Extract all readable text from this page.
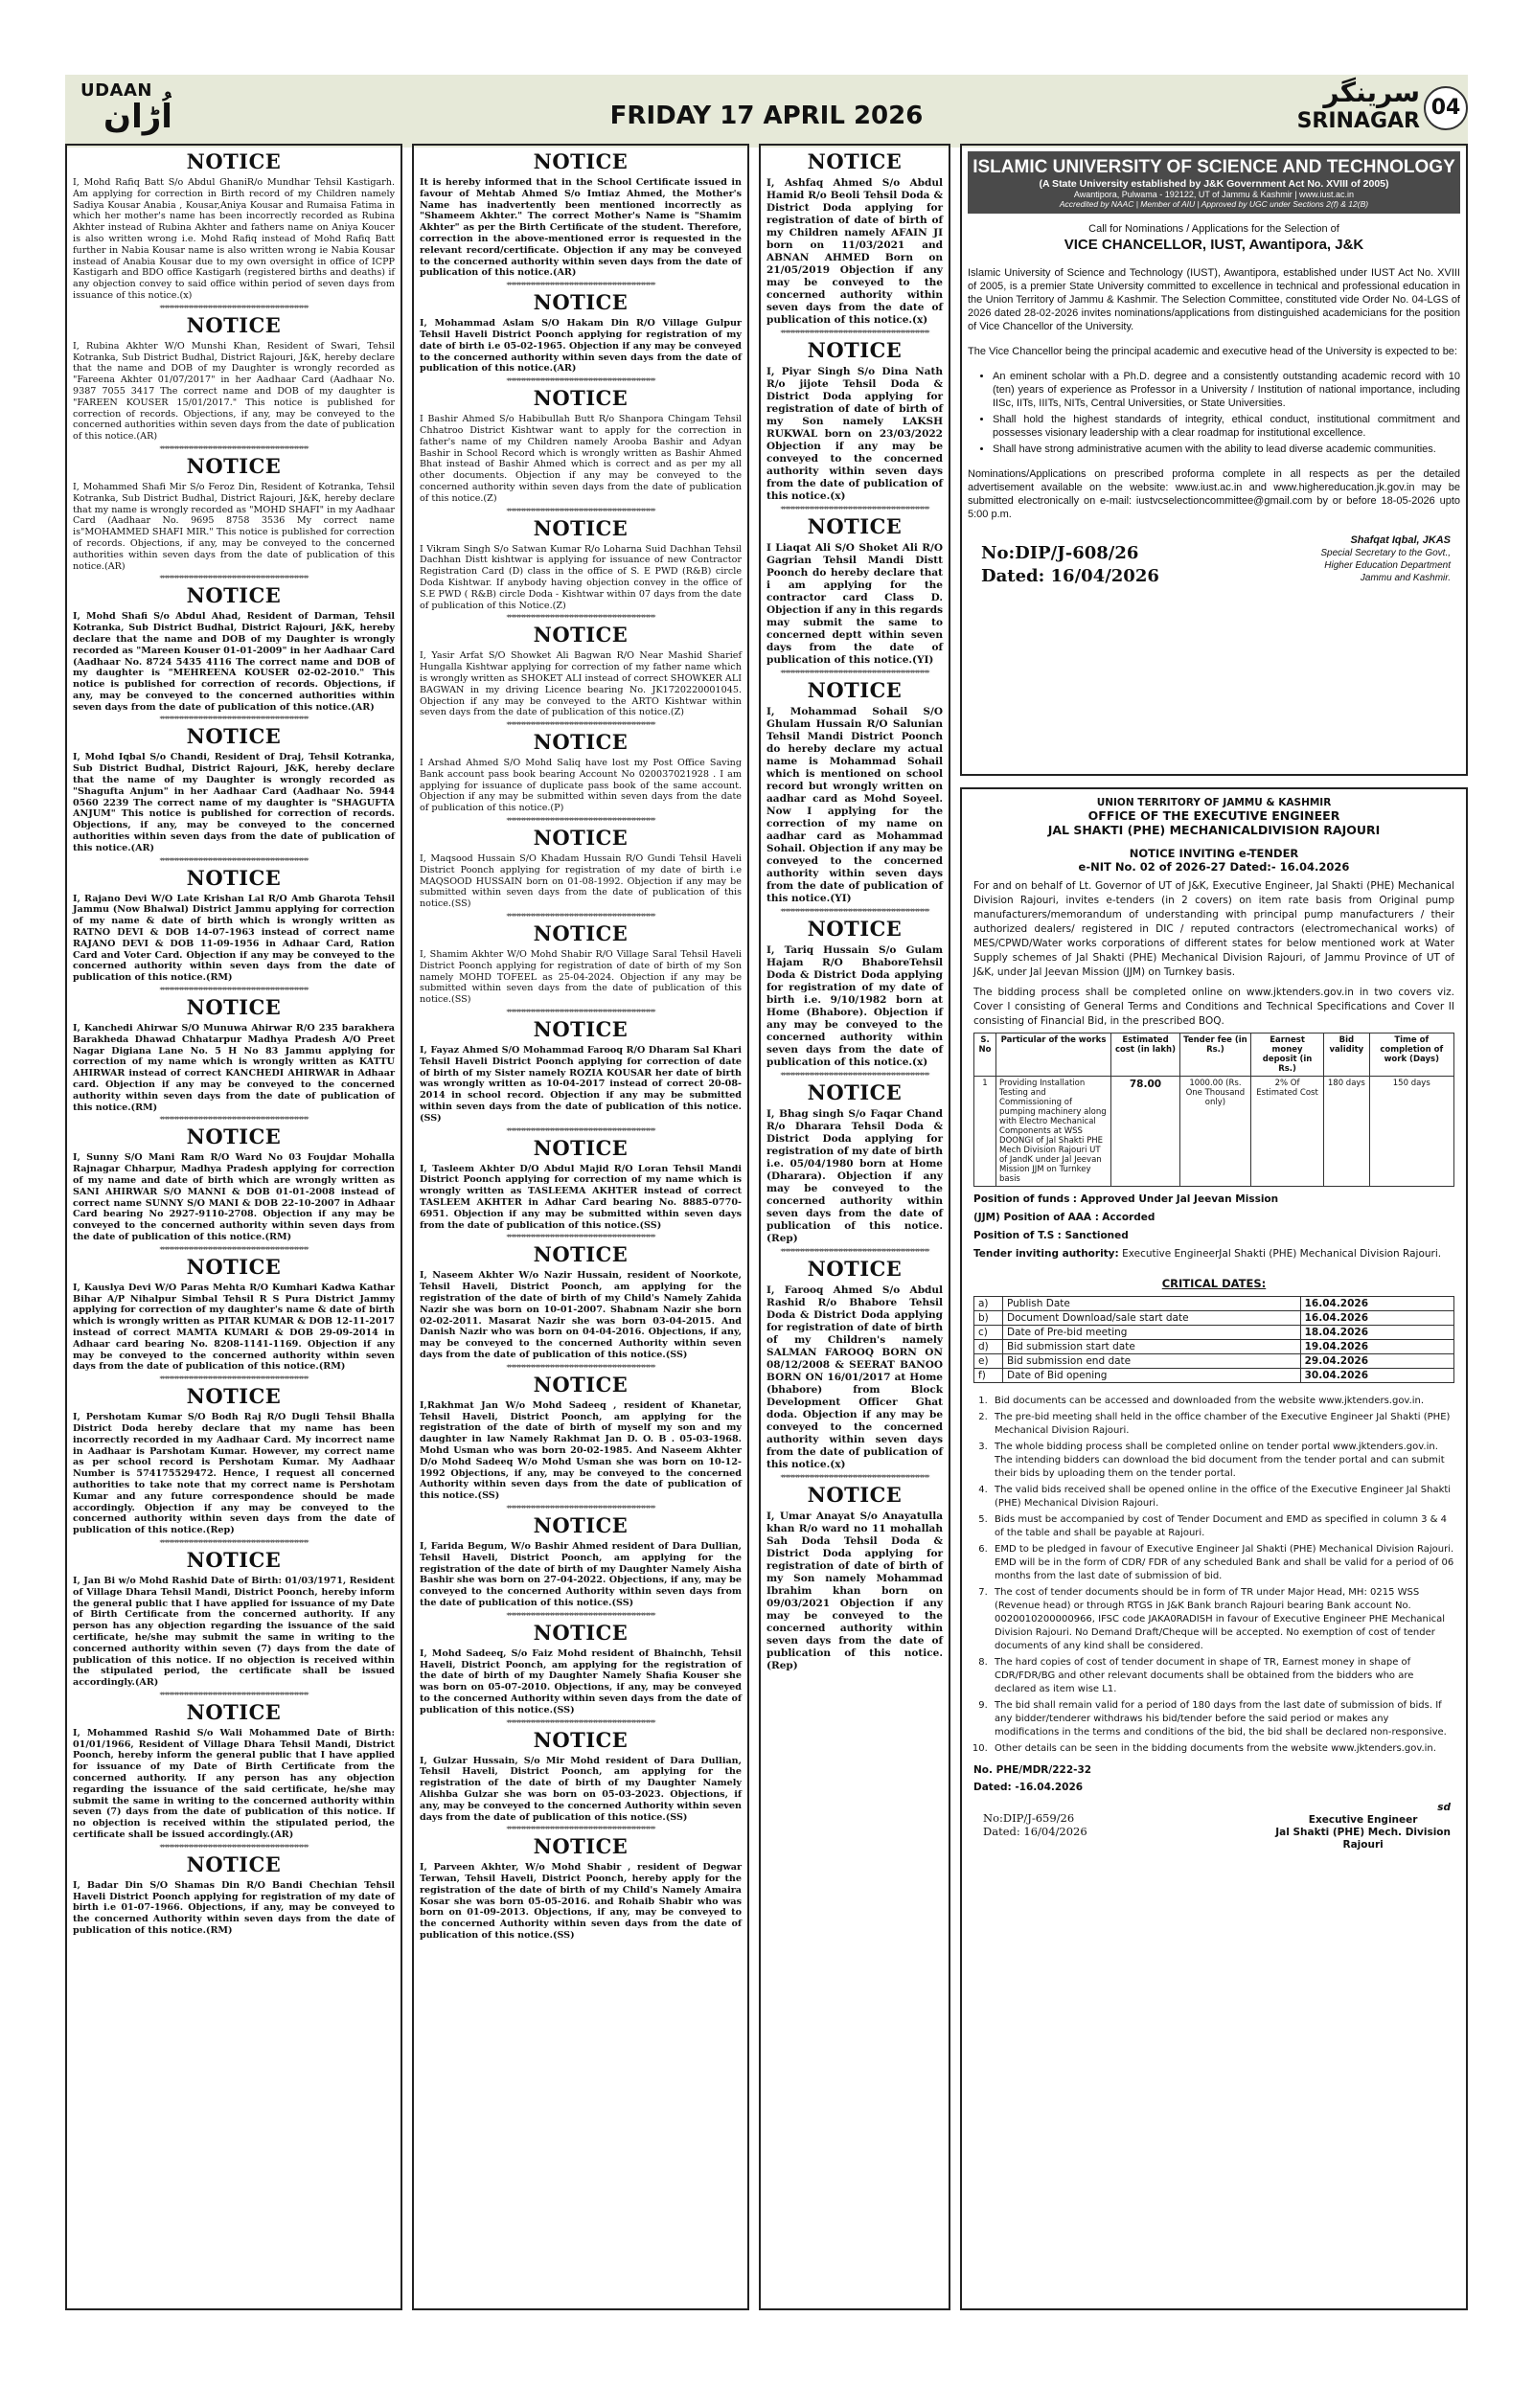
UDAAN
اُڑان	FRIDAY 17 APRIL 2026
سرینگر
SRINAGAR
04
NOTICE

I, Mohd Rafiq Batt S/o Abdul GhaniR/o Mundhar Tehsil Kastigarh. Am applying for correction in Birth record of my Children namely Sadiya Kousar Anabia , Kousar,Aniya Kousar and Rumaisa Fatima in which her mother's name has been incorrectly recorded as Rubina Akhter instead of Rubina Akhter and fathers name on Aniya Koucer is also written wrong i.e. Mohd Rafiq instead of Mohd Rafiq Batt further in Nabia Kousar name is also written wrong ie Nabia Kousar instead of Anabia Kousar due to my own oversight in office of ICPP Kastigarh and BDO office Kastigarh (registered births and deaths) if any objection convey to said office within period of seven days from issuance of this notice.(x)

**************************************************************
NOTICE

I, Rubina Akhter W/O Munshi Khan, Resident of Swari, Tehsil Kotranka, Sub District Budhal, District Rajouri, J&K, hereby declare that the name and DOB of my Daughter is wrongly recorded as "Fareena Akhter 01/07/2017" in her Aadhaar Card (Aadhaar No. 9387 7055 3417 The correct name and DOB of my daughter is "FAREEN KOUSER 15/01/2017." This notice is published for correction of records. Objections, if any, may be conveyed to the concerned authorities within seven days from the date of publication of this notice.(AR)

**************************************************************
NOTICE

I, Mohammed Shafi Mir S/o Feroz Din, Resident of Kotranka, Tehsil Kotranka, Sub District Budhal, District Rajouri, J&K, hereby declare that my name is wrongly recorded as "MOHD SHAFI" in my Aadhaar Card (Aadhaar No. 9695 8758 3536 My correct name is"MOHAMMED SHAFI MIR." This notice is published for correction of records. Objections, if any, may be conveyed to the concerned authorities within seven days from the date of publication of this notice.(AR)

**************************************************************
NOTICE

I, Mohd Shafi S/o Abdul Ahad, Resident of Darman, Tehsil Kotranka, Sub District Budhal, District Rajouri, J&K, hereby declare that the name and DOB of my Daughter is wrongly recorded as "Mareen Kouser 01-01-2009" in her Aadhaar Card (Aadhaar No. 8724 5435 4116 The correct name and DOB of my daughter is "MEHREENA KOUSER 02-02-2010." This notice is published for correction of records. Objections, if any, may be conveyed to the concerned authorities within seven days from the date of publication of this notice.(AR)

**************************************************************
NOTICE

I, Mohd Iqbal S/o Chandi, Resident of Draj, Tehsil Kotranka, Sub District Budhal, District Rajouri, J&K, hereby declare that the name of my Daughter is wrongly recorded as "Shagufta Anjum" in her Aadhaar Card (Aadhaar No. 5944 0560 2239 The correct name of my daughter is "SHAGUFTA ANJUM" This notice is published for correction of records. Objections, if any, may be conveyed to the concerned authorities within seven days from the date of publication of this notice.(AR)

**************************************************************
NOTICE

I, Rajano Devi W/O Late Krishan Lal R/O Amb Gharota Tehsil Jammu (Now Bhalwal) District Jammu applying for correction of my name & date of birth which is wrongly written as RATNO DEVI & DOB 14-07-1963 instead of correct name RAJANO DEVI & DOB 11-09-1956 in Adhaar Card, Ration Card and Voter Card. Objection if any may be conveyed to the concerned authority within seven days from the date of publication of this notice.(RM)

**************************************************************
NOTICE

I, Kanchedi Ahirwar S/O Munuwa Ahirwar R/O 235 barakhera Barakheda Dhawad Chhatarpur Madhya Pradesh A/O Preet Nagar Digiana Lane No. 5 H No 83 Jammu applying for correction of my name which is wrongly written as KATTU AHIRWAR instead of correct KANCHEDI AHIRWAR in Adhaar card. Objection if any may be conveyed to the concerned authority within seven days from the date of publication of this notice.(RM)

**************************************************************
NOTICE

I, Sunny S/O Mani Ram R/O Ward No 03 Foujdar Mohalla Rajnagar Chharpur, Madhya Pradesh applying for correction of my name and date of birth which are wrongly written as SANI AHIRWAR S/O MANNI & DOB 01-01-2008 instead of correct name SUNNY S/O MANI & DOB 22-10-2007 in Adhaar Card bearing No 2927-9110-2708. Objection if any may be conveyed to the concerned authority within seven days from the date of publication of this notice.(RM)

**************************************************************
NOTICE

I, Kauslya Devi W/O Paras Mehta R/O Kumhari Kadwa Kathar Bihar A/P Nihalpur Simbal Tehsil R S Pura District Jammy applying for correction of my daughter's name & date of birth which is wrongly written as PITAR KUMAR & DOB 12-11-2017 instead of correct MAMTA KUMARI & DOB 29-09-2014 in Adhaar card bearing No. 8208-1141-1169. Objection if any may be conveyed to the concerned authority within seven days from the date of publication of this notice.(RM)

**************************************************************
NOTICE

I, Pershotam Kumar S/O Bodh Raj R/O Dugli Tehsil Bhalla District Doda hereby declare that my name has been incorrectly recorded in my Aadhaar Card. My incorrect name in Aadhaar is Parshotam Kumar. However, my correct name as per school record is Pershotam Kumar. My Aadhaar Number is 574175529472. Hence, I request all concerned authorities to take note that my correct name is Pershotam Kumar and any future correspondence should be made accordingly. Objection if any may be conveyed to the concerned authority within seven days from the date of publication of this notice.(Rep)

**************************************************************
NOTICE

I, Jan Bi w/o Mohd Rashid Date of Birth: 01/03/1971, Resident of Village Dhara Tehsil Mandi, District Poonch, hereby inform the general public that I have applied for issuance of my Date of Birth Certificate from the concerned authority. If any person has any objection regarding the issuance of the said certificate, he/she may submit the same in writing to the concerned authority within seven (7) days from the date of publication of this notice. If no objection is received within the stipulated period, the certificate shall be issued accordingly.(AR)

**************************************************************
NOTICE

I, Mohammed Rashid S/o Wali Mohammed Date of Birth: 01/01/1966, Resident of Village Dhara Tehsil Mandi, District Poonch, hereby inform the general public that I have applied for issuance of my Date of Birth Certificate from the concerned authority. If any person has any objection regarding the issuance of the said certificate, he/she may submit the same in writing to the concerned authority within seven (7) days from the date of publication of this notice. If no objection is received within the stipulated period, the certificate shall be issued accordingly.(AR)

**************************************************************
NOTICE

I, Badar Din S/O Shamas Din R/O Bandi Chechian Tehsil Haveli District Poonch applying for registration of my date of birth i.e 01-07-1966. Objections, if any, may be conveyed to the concerned Authority within seven days from the date of publication of this notice.(RM)

NOTICE

It is hereby informed that in the School Certificate issued in favour of Mehtab Ahmed S/o Imtiaz Ahmed, the Mother's Name has inadvertently been mentioned incorrectly as "Shameem Akhter." The correct Mother's Name is "Shamim Akhter" as per the Birth Certificate of the student. Therefore, correction in the above-mentioned error is requested in the relevant record/certificate. Objection if any may be conveyed to the concerned authority within seven days from the date of publication of this notice.(AR)

**************************************************************
NOTICE

I, Mohammad Aslam S/O Hakam Din R/O Village Gulpur Tehsil Haveli District Poonch applying for registration of my date of birth i.e 05-02-1965. Objection if any may be conveyed to the concerned authority within seven days from the date of publication of this notice.(AR)

**************************************************************
NOTICE

I Bashir Ahmed S/o Habibullah Butt R/o Shanpora Chingam Tehsil Chhatroo District Kishtwar want to apply for the correction in father's name of my Children namely Arooba Bashir and Adyan Bashir in School Record which is wrongly written as Bashir Ahmed Bhat instead of Bashir Ahmed which is correct and as per my all other documents. Objection if any may be conveyed to the concerned authority within seven days from the date of publication of this notice.(Z)

**************************************************************
NOTICE

I Vikram Singh S/o Satwan Kumar R/o Loharna Suid Dachhan Tehsil Dachhan Distt kishtwar is applying for issuance of new Contractor Registration Card (D) class in the office of S. E PWD (R&B) circle Doda Kishtwar. If anybody having objection convey in the office of S.E PWD ( R&B) circle Doda - Kishtwar within 07 days from the date of publication of this Notice.(Z)

**************************************************************
NOTICE

I, Yasir Arfat S/O Showket Ali Bagwan R/O Near Mashid Sharief Hungalla Kishtwar applying for correction of my father name which is wrongly written as SHOKET ALI instead of correct SHOWKER ALI BAGWAN in my driving Licence bearing No. JK1720220001045. Objection if any may be conveyed to the ARTO Kishtwar within seven days from the date of publication of this notice.(Z)

**************************************************************
NOTICE

I Arshad Ahmed S/O Mohd Saliq have lost my Post Office Saving Bank account pass book bearing Account No 020037021928 . I am applying for issuance of duplicate pass book of the same account. Objection if any may be submitted within seven days from the date of publication of this notice.(P)

**************************************************************
NOTICE

I, Maqsood Hussain S/O Khadam Hussain R/O Gundi Tehsil Haveli District Poonch applying for registration of my date of birth i.e MAQSOOD HUSSAIN born on 01-08-1992. Objection if any may be submitted within seven days from the date of publication of this notice.(SS)

**************************************************************
NOTICE

I, Shamim Akhter W/O Mohd Shabir R/O Village Saral Tehsil Haveli District Poonch applying for registration of date of birth of my Son namely MOHD TOFEEL as 25-04-2024. Objection if any may be submitted within seven days from the date of publication of this notice.(SS)

**************************************************************
NOTICE

I, Fayaz Ahmed S/O Mohammad Farooq R/O Dharam Sal Khari Tehsil Haveli District Poonch applying for correction of date of birth of my Sister namely ROZIA KOUSAR her date of birth was wrongly written as 10-04-2017 instead of correct 20-08-2014 in school record. Objection if any may be submitted within seven days from the date of publication of this notice.(SS)

**************************************************************
NOTICE

I, Tasleem Akhter D/O Abdul Majid R/O Loran Tehsil Mandi District Poonch applying for correction of my name which is wrongly written as TASLEEMA AKHTER instead of correct TASLEEM AKHTER in Adhar Card bearing No. 8885-0770-6951. Objection if any may be submitted within seven days from the date of publication of this notice.(SS)

**************************************************************
NOTICE

I, Naseem Akhter W/o Nazir Hussain, resident of Noorkote, Tehsil Haveli, District Poonch, am applying for the registration of the date of birth of my Child's Namely Zahida Nazir she was born on 10-01-2007. Shabnam Nazir she born 02-02-2011. Masarat Nazir she was born 03-04-2015. And Danish Nazir who was born on 04-04-2016. Objections, if any, may be conveyed to the concerned Authority within seven days from the date of publication of this notice.(SS)

**************************************************************
NOTICE

I,Rakhmat Jan W/o Mohd Sadeeq , resident of Khanetar, Tehsil Haveli, District Poonch, am applying for the registration of the date of birth of myself my son and my daughter in law Namely Rakhmat Jan D. O. B . 05-03-1968. Mohd Usman who was born 20-02-1985. And Naseem Akhter D/o Mohd Sadeeq W/o Mohd Usman she was born on 10-12-1992 Objections, if any, may be conveyed to the concerned Authority within seven days from the date of publication of this notice.(SS)

**************************************************************
NOTICE

I, Farida Begum, W/o Bashir Ahmed resident of Dara Dullian, Tehsil Haveli, District Poonch, am applying for the registration of the date of birth of my Daughter Namely Aisha Bashir she was born on 27-04-2022. Objections, if any, may be conveyed to the concerned Authority within seven days from the date of publication of this notice.(SS)

**************************************************************
NOTICE

I, Mohd Sadeeq, S/o Faiz Mohd resident of Bhainchh, Tehsil Haveli, District Poonch, am applying for the registration of the date of birth of my Daughter Namely Shafia Kouser she was born on 05-07-2010. Objections, if any, may be conveyed to the concerned Authority within seven days from the date of publication of this notice.(SS)

**************************************************************
NOTICE

I, Gulzar Hussain, S/o Mir Mohd resident of Dara Dullian, Tehsil Haveli, District Poonch, am applying for the registration of the date of birth of my Daughter Namely Alishba Gulzar she was born on 05-03-2023. Objections, if any, may be conveyed to the concerned Authority within seven days from the date of publication of this notice.(SS)

**************************************************************
NOTICE

I, Parveen Akhter, W/o Mohd Shabir , resident of Degwar Terwan, Tehsil Haveli, District Poonch, hereby apply for the registration of the date of birth of my Child's Namely Amaira Kosar she was born 05-05-2016. and Rohaib Shabir who was born on 01-09-2013. Objections, if any, may be conveyed to the concerned Authority within seven days from the date of publication of this notice.(SS)

NOTICE

I, Ashfaq Ahmed S/o Abdul Hamid R/o Beoli Tehsil Doda & District Doda applying for registration of date of birth of my Children namely AFAIN JI born on 11/03/2021 and ABNAN AHMED Born on 21/05/2019 Objection if any may be conveyed to the concerned authority within seven days from the date of publication of this notice.(x)

**************************************************************
NOTICE

I, Piyar Singh S/o Dina Nath R/o jijote Tehsil Doda & District Doda applying for registration of date of birth of my Son namely LAKSH RUKWAL born on 23/03/2022 Objection if any may be conveyed to the concerned authority within seven days from the date of publication of this notice.(x)

**************************************************************
NOTICE

I Liaqat Ali S/O Shoket Ali R/O Gagrian Tehsil Mandi Distt Poonch do hereby declare that i am applying for the contractor card Class D. Objection if any in this regards may submit the same to concerned deptt within seven days from the date of publication of this notice.(YI)

**************************************************************
NOTICE

I, Mohammad Sohail S/O Ghulam Hussain R/O Salunian Tehsil Mandi District Poonch do hereby declare my actual name is Mohammad Sohail which is mentioned on school record but wrongly written on aadhar card as Mohd Soyeel. Now I applying for the correction of my name on aadhar card as Mohammad Sohail. Objection if any may be conveyed to the concerned authority within seven days from the date of publication of this notice.(YI)

**************************************************************
NOTICE

I, Tariq Hussain S/o Gulam Hajam R/O BhaboreTehsil Doda & District Doda applying for registration of my date of birth i.e. 9/10/1982 born at Home (Bhabore). Objection if any may be conveyed to the concerned authority within seven days from the date of publication of this notice.(x)

**************************************************************
NOTICE

I, Bhag singh S/o Faqar Chand R/o Dharara Tehsil Doda & District Doda applying for registration of my date of birth i.e. 05/04/1980 born at Home (Dharara). Objection if any may be conveyed to the concerned authority within seven days from the date of publication of this notice. (Rep)

**************************************************************
NOTICE

I, Farooq Ahmed S/o Abdul Rashid R/o Bhabore Tehsil Doda & District Doda applying for registration of date of birth of my Children's namely SALMAN FAROOQ BORN ON 08/12/2008 & SEERAT BANOO BORN ON 16/01/2017 at Home (bhabore) from Block Development Officer Ghat doda. Objection if any may be conveyed to the concerned authority within seven days from the date of publication of this notice.(x)

**************************************************************
NOTICE

I, Umar Anayat S/o Anayatulla khan R/o ward no 11 mohallah Sah Doda Tehsil Doda & District Doda applying for registration of date of birth of my Son namely Mohammad Ibrahim khan born on 09/03/2021 Objection if any may be conveyed to the concerned authority within seven days from the date of publication of this notice.(Rep)

ISLAMIC UNIVERSITY OF SCIENCE AND TECHNOLOGY
(A State University established by J&K Government Act No. XVIII of 2005)
Awantipora, Pulwama - 192122, UT of Jammu & Kashmir | www.iust.ac.in
Accredited by NAAC | Member of AIU | Approved by UGC under Sections 2(f) & 12(B)
Call for Nominations / Applications for the Selection of
VICE CHANCELLOR, IUST, Awantipora, J&K

Islamic University of Science and Technology (IUST), Awantipora, established under IUST Act No. XVIII of 2005, is a premier State University committed to excellence in technical and professional education in the Union Territory of Jammu & Kashmir. The Selection Committee, constituted vide Order No. 04-LGS of 2026 dated 28-02-2026 invites nominations/applications from distinguished academicians for the position of Vice Chancellor of the University.

The Vice Chancellor being the principal academic and executive head of the University is expected to be:

• An eminent scholar with a Ph.D. degree and a consistently outstanding academic record with 10 (ten) years of experience as Professor in a University / Institution of national importance, including IISc, IITs, IIITs, NITs, Central Universities, or State Universities.
• Shall hold the highest standards of integrity, ethical conduct, institutional commitment and possesses visionary leadership with a clear roadmap for institutional excellence.
• Shall have strong administrative acumen with the ability to lead diverse academic communities.

Nominations/Applications on prescribed proforma complete in all respects as per the detailed advertisement available on the website: www.iust.ac.in and www.highereducation.jk.gov.in may be submitted electronically on e-mail: iustvcselectioncommittee@gmail.com by or before 18-05-2026 upto 5:00 p.m.

No:DIP/J-608/26
Dated: 16/04/2026
Shafqat Iqbal, JKAS
Special Secretary to the Govt.,
Higher Education Department
Jammu and Kashmir.
UNION TERRITORY OF JAMMU & KASHMIR
OFFICE OF THE EXECUTIVE ENGINEER
JAL SHAKTI (PHE) MECHANICALDIVISION RAJOURI
NOTICE INVITING e-TENDER
e-NIT No. 02 of 2026-27 Dated:- 16.04.2026
For and on behalf of Lt. Governor of UT of J&K, Executive Engineer, Jal Shakti (PHE) Mechanical Division Rajouri, invites e-tenders (in 2 covers) on item rate basis from Original pump manufacturers/memorandum of understanding with principal pump manufacturers / their authorized dealers/ registered in DIC / reputed contractors (electromechanical works) of MES/CPWD/Water works corporations of different states for below mentioned work at Water Supply schemes of Jal Shakti (PHE) Mechanical Division Rajouri, of Jammu Province of UT of J&K, under Jal Jeevan Mission (JJM) on Turnkey basis.
The bidding process shall be completed online on www.jktenders.gov.in in two covers viz. Cover I consisting of General Terms and Conditions and Technical Specifications and Cover II consisting of Financial Bid, in the prescribed BOQ.
S. No	Particular of the works	Estimated cost (in lakh)	Tender fee (in Rs.)	Earnest money deposit (in Rs.)	Bid validity	Time of completion of work (Days)
1	Providing Installation Testing and Commissioning of pumping machinery along with Electro Mechanical Components at WSS DOONGI of Jal Shakti PHE Mech Division Rajouri UT of JandK under Jal Jeevan Mission JJM on Turnkey basis	78.00	1000.00 (Rs. One Thousand only)	2% Of Estimated Cost	180 days	150 days
Position of funds : Approved Under Jal Jeevan Mission
(JJM) Position of AAA : Accorded
Position of T.S : Sanctioned
Tender inviting authority: Executive EngineerJal Shakti (PHE) Mechanical Division Rajouri.
CRITICAL DATES:
a)	Publish Date	16.04.2026
b)	Document Download/sale start date	16.04.2026
c)	Date of Pre-bid meeting	18.04.2026
d)	Bid submission start date	19.04.2026
e)	Bid submission end date	29.04.2026
f)	Date of Bid opening	30.04.2026
1. Bid documents can be accessed and downloaded from the website www.jktenders.gov.in.
2. The pre-bid meeting shall held in the office chamber of the Executive Engineer Jal Shakti (PHE) Mechanical Division Rajouri.
3. The whole bidding process shall be completed online on tender portal www.jktenders.gov.in. The intending bidders can download the bid document from the tender portal and can submit their bids by uploading them on the tender portal.
4. The valid bids received shall be opened online in the office of the Executive Engineer Jal Shakti (PHE) Mechanical Division Rajouri.
5. Bids must be accompanied by cost of Tender Document and EMD as specified in column 3 & 4 of the table and shall be payable at Rajouri.
6. EMD to be pledged in favour of Executive Engineer Jal Shakti (PHE) Mechanical Division Rajouri. EMD will be in the form of CDR/ FDR of any scheduled Bank and shall be valid for a period of 06 months from the last date of submission of bid.
7. The cost of tender documents should be in form of TR under Major Head, MH: 0215 WSS (Revenue head) or through RTGS in J&K Bank branch Rajouri bearing Bank account No. 0020010200000966, IFSC code JAKA0RADISH in favour of Executive Engineer PHE Mechanical Division Rajouri. No Demand Draft/Cheque will be accepted. No exemption of cost of tender documents of any kind shall be considered.
8. The hard copies of cost of tender document in shape of TR, Earnest money in shape of CDR/FDR/BG and other relevant documents shall be obtained from the bidders who are declared as item wise L1.
9. The bid shall remain valid for a period of 180 days from the last date of submission of bids. If any bidder/tenderer withdraws his bid/tender before the said period or makes any modifications in the terms and conditions of the bid, the bid shall be declared non-responsive.
10. Other details can be seen in the bidding documents from the website www.jktenders.gov.in.
No. PHE/MDR/222-32
Dated: -16.04.2026
No:DIP/J-659/26
Dated: 16/04/2026
sd
Executive Engineer
Jal Shakti (PHE) Mech. Division
Rajouri
